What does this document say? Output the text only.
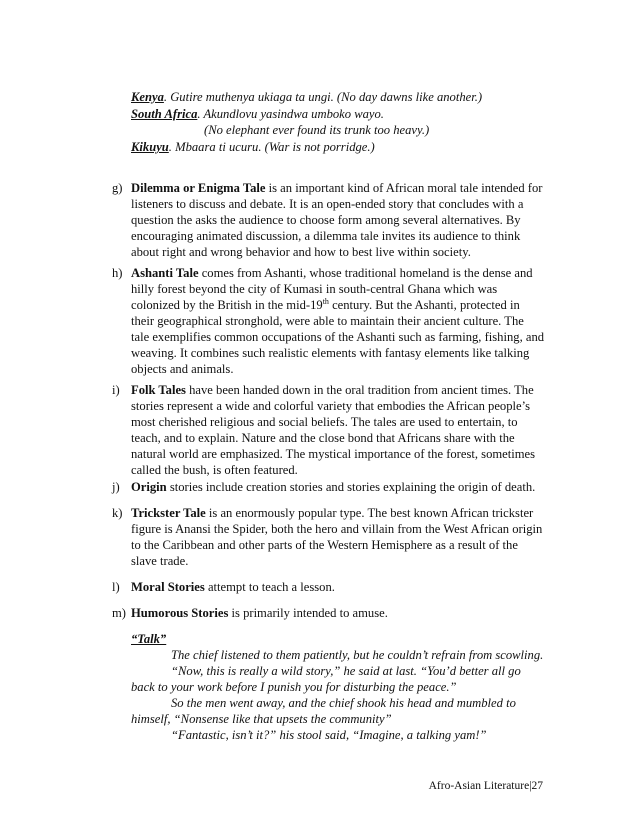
Kenya. Gutire muthenya ukiaga ta ungi. (No day dawns like another.)
South Africa. Akundlovu yasindwa umboko wayo.
(No elephant ever found its trunk too heavy.)
Kikuyu. Mbaara ti ucuru. (War is not porridge.)
g) Dilemma or Enigma Tale is an important kind of African moral tale intended for
listeners to discuss and debate. It is an open-ended story that concludes with a
question the asks the audience to choose form among several alternatives. By
encouraging animated discussion, a dilemma tale invites its audience to think
about right and wrong behavior and how to best live within society.
h) Ashanti Tale comes from Ashanti, whose traditional homeland is the dense and
hilly forest beyond the city of Kumasi in south-central Ghana which was
colonized by the British in the mid-19th century. But the Ashanti, protected in
their geographical stronghold, were able to maintain their ancient culture. The
tale exemplifies common occupations of the Ashanti such as farming, fishing, and
weaving. It combines such realistic elements with fantasy elements like talking
objects and animals.
i) Folk Tales have been handed down in the oral tradition from ancient times. The
stories represent a wide and colorful variety that embodies the African people’s
most cherished religious and social beliefs. The tales are used to entertain, to
teach, and to explain. Nature and the close bond that Africans share with the
natural world are emphasized. The mystical importance of the forest, sometimes
called the bush, is often featured.
j) Origin stories include creation stories and stories explaining the origin of death.
k) Trickster Tale is an enormously popular type. The best known African trickster
figure is Anansi the Spider, both the hero and villain from the West African origin
to the Caribbean and other parts of the Western Hemisphere as a result of the
slave trade.
l) Moral Stories attempt to teach a lesson.
m) Humorous Stories is primarily intended to amuse.
“Talk”
The chief listened to them patiently, but he couldn’t refrain from scowling.
“Now, this is really a wild story,” he said at last. “You’d better all go
back to your work before I punish you for disturbing the peace.”
So the men went away, and the chief shook his head and mumbled to
himself, “Nonsense like that upsets the community”
“Fantastic, isn’t it?” his stool said, “Imagine, a talking yam!”
Afro-Asian Literature|27
